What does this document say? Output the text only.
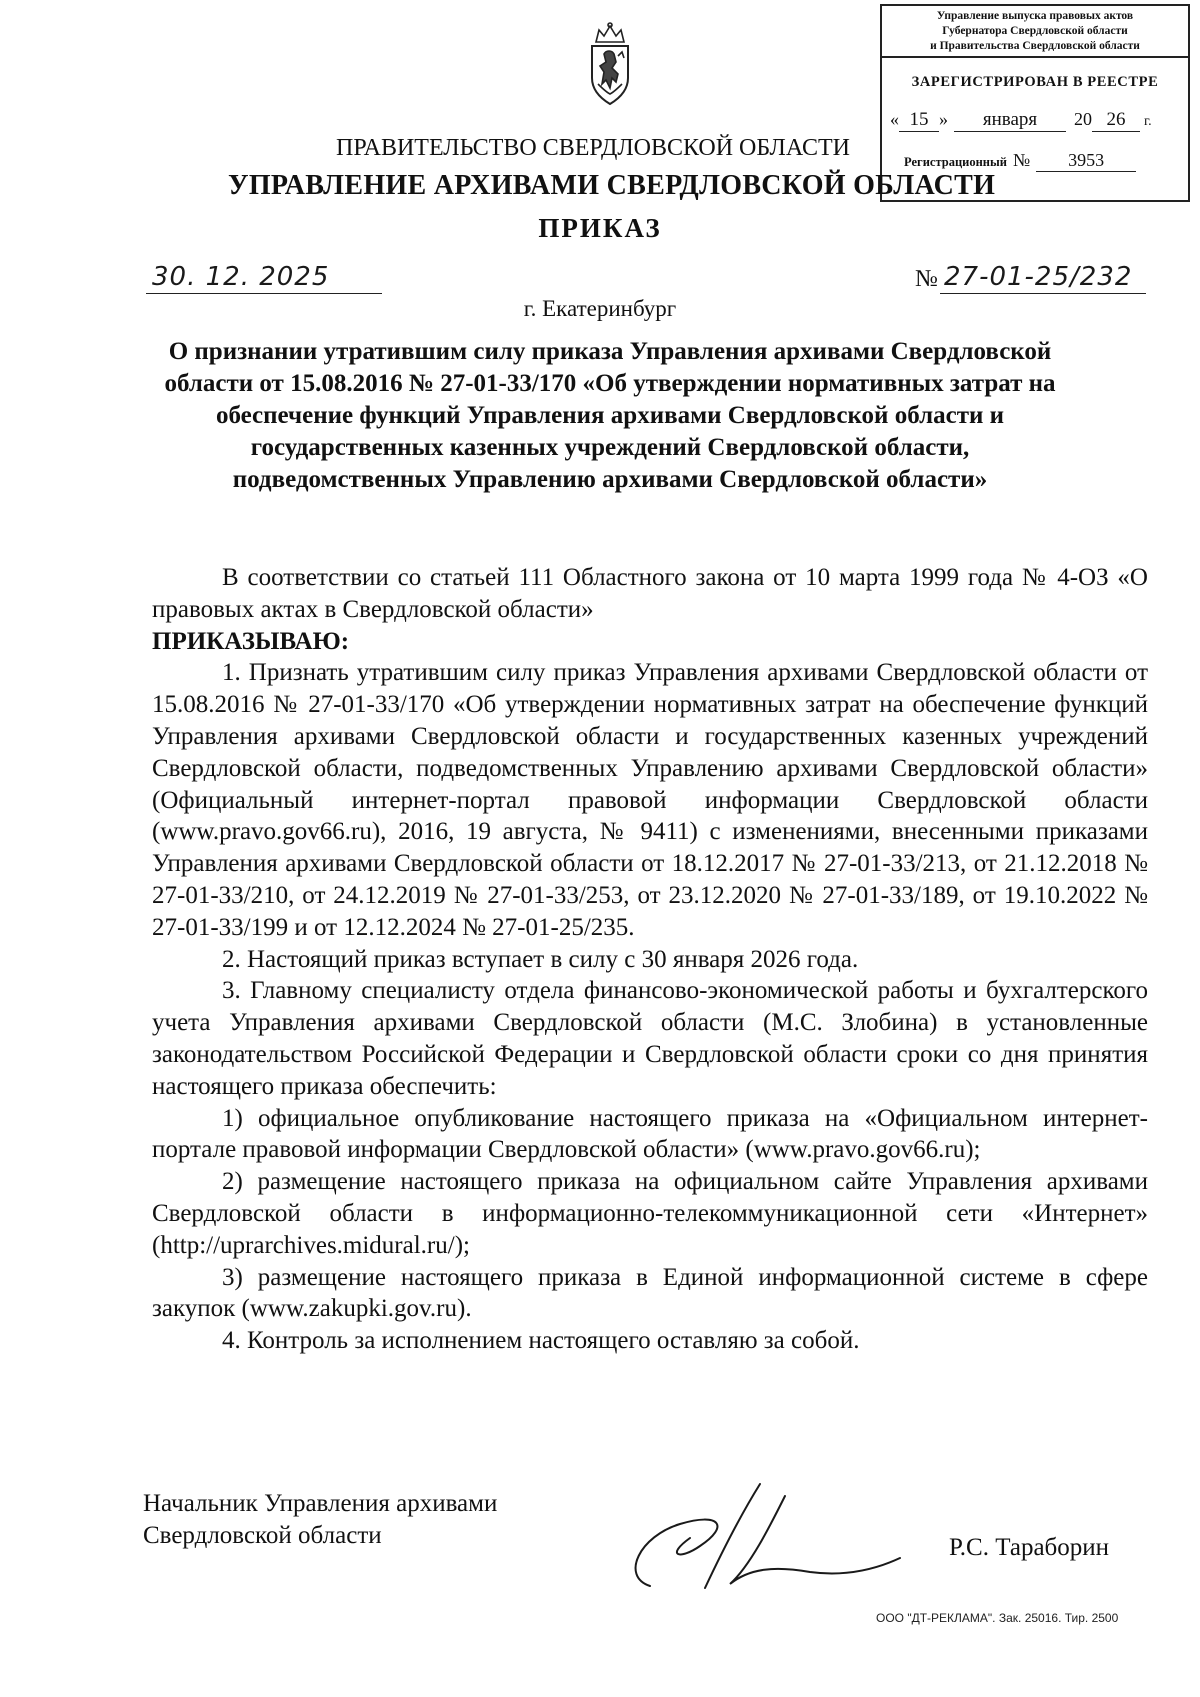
Управление выпуска правовых актов
Губернатора Свердловской области
и Правительства Свердловской области
ЗАРЕГИСТРИРОВАН В РЕЕСТРЕ
« 15 » января 20 26 г.
Регистрационный № 3953
ПРАВИТЕЛЬСТВО СВЕРДЛОВСКОЙ ОБЛАСТИ
УПРАВЛЕНИЕ АРХИВАМИ СВЕРДЛОВСКОЙ ОБЛАСТИ
ПРИКАЗ
30. 12. 2025	№ 27-01-25/232
г. Екатеринбург
О признании утратившим силу приказа Управления архивами Свердловской области от 15.08.2016 № 27-01-33/170 «Об утверждении нормативных затрат на обеспечение функций Управления архивами Свердловской области и государственных казенных учреждений Свердловской области, подведомственных Управлению архивами Свердловской области»

В соответствии со статьей 111 Областного закона от 10 марта 1999 года № 4-ОЗ «О правовых актах в Свердловской области»

ПРИКАЗЫВАЮ:

1. Признать утратившим силу приказ Управления архивами Свердловской области от 15.08.2016 № 27-01-33/170 «Об утверждении нормативных затрат на обеспечение функций Управления архивами Свердловской области и государственных казенных учреждений Свердловской области, подведомственных Управлению архивами Свердловской области» (Официальный интернет-портал правовой информации Свердловской области (www.pravo.gov66.ru), 2016, 19 августа, № 9411) с изменениями, внесенными приказами Управления архивами Свердловской области от 18.12.2017 № 27-01-33/213, от 21.12.2018 № 27-01-33/210, от 24.12.2019 № 27-01-33/253, от 23.12.2020 № 27-01-33/189, от 19.10.2022 № 27-01-33/199 и от 12.12.2024 № 27-01-25/235.

2. Настоящий приказ вступает в силу с 30 января 2026 года.

3. Главному специалисту отдела финансово-экономической работы и бухгалтерского учета Управления архивами Свердловской области (М.С. Злобина) в установленные законодательством Российской Федерации и Свердловской области сроки со дня принятия настоящего приказа обеспечить:

1) официальное опубликование настоящего приказа на «Официальном интернет-портале правовой информации Свердловской области» (www.pravo.gov66.ru);

2) размещение настоящего приказа на официальном сайте Управления архивами Свердловской области в информационно-телекоммуникационной сети «Интернет» (http://uprarchives.midural.ru/);

3) размещение настоящего приказа в Единой информационной системе в сфере закупок (www.zakupki.gov.ru).

4. Контроль за исполнением настоящего оставляю за собой.

Начальник Управления архивами
Свердловской области	Р.С. Тараборин
ООО "ДТ-РЕКЛАМА". Зак. 25016. Тир. 2500
